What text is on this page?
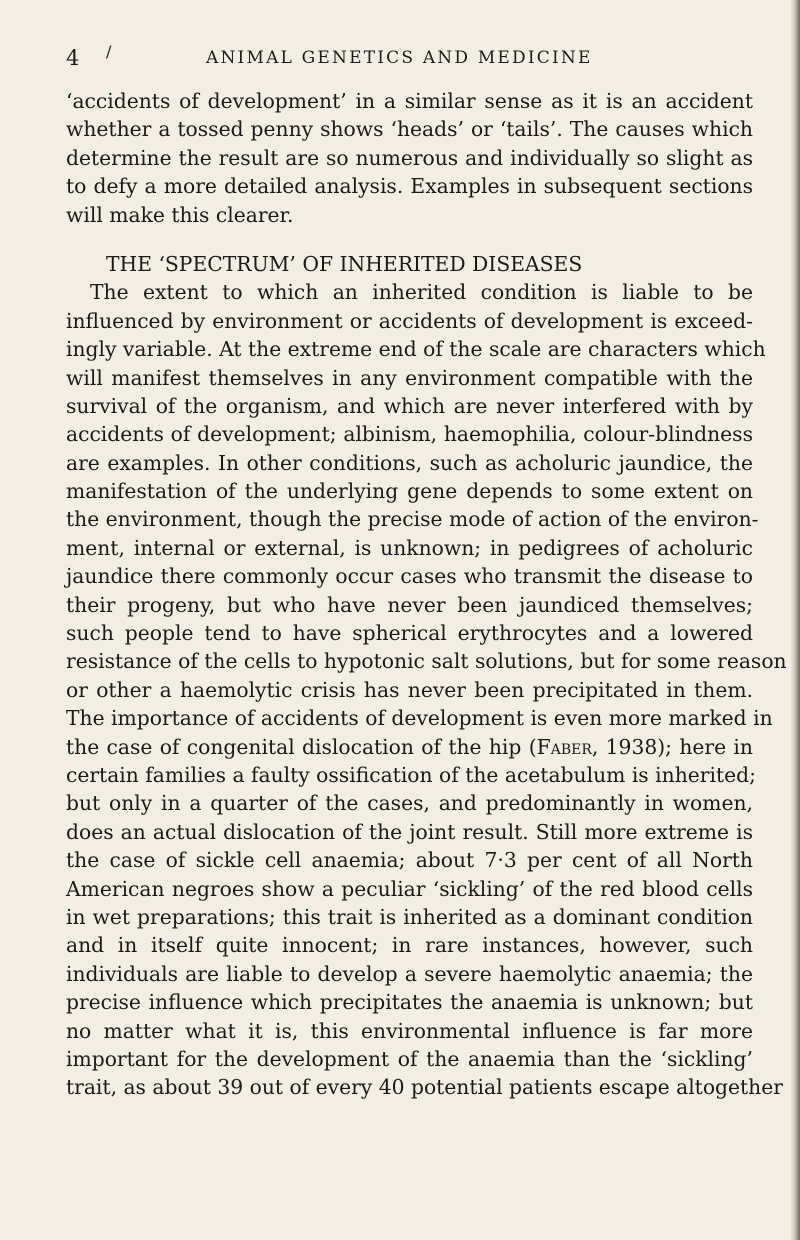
4 /	ANIMAL GENETICS AND MEDICINE
‘accidents of development’ in a similar sense as it is an accident
whether a tossed penny shows ‘heads’ or ‘tails’. The causes which
determine the result are so numerous and individually so slight as
to defy a more detailed analysis. Examples in subsequent sections
will make this clearer.
THE ‘SPECTRUM’ OF INHERITED DISEASES
The extent to which an inherited condition is liable to be
influenced by environment or accidents of development is exceed-
ingly variable. At the extreme end of the scale are characters which
will manifest themselves in any environment compatible with the
survival of the organism, and which are never interfered with by
accidents of development; albinism, haemophilia, colour-blindness
are examples. In other conditions, such as acholuric jaundice, the
manifestation of the underlying gene depends to some extent on
the environment, though the precise mode of action of the environ-
ment, internal or external, is unknown; in pedigrees of acholuric
jaundice there commonly occur cases who transmit the disease to
their progeny, but who have never been jaundiced themselves;
such people tend to have spherical erythrocytes and a lowered
resistance of the cells to hypotonic salt solutions, but for some reason
or other a haemolytic crisis has never been precipitated in them.
The importance of accidents of development is even more marked in
the case of congenital dislocation of the hip (Faber, 1938); here in
certain families a faulty ossification of the acetabulum is inherited;
but only in a quarter of the cases, and predominantly in women,
does an actual dislocation of the joint result. Still more extreme is
the case of sickle cell anaemia; about 7·3 per cent of all North
American negroes show a peculiar ‘sickling’ of the red blood cells
in wet preparations; this trait is inherited as a dominant condition
and in itself quite innocent; in rare instances, however, such
individuals are liable to develop a severe haemolytic anaemia; the
precise influence which precipitates the anaemia is unknown; but
no matter what it is, this environmental influence is far more
important for the development of the anaemia than the ‘sickling’
trait, as about 39 out of every 40 potential patients escape altogether
